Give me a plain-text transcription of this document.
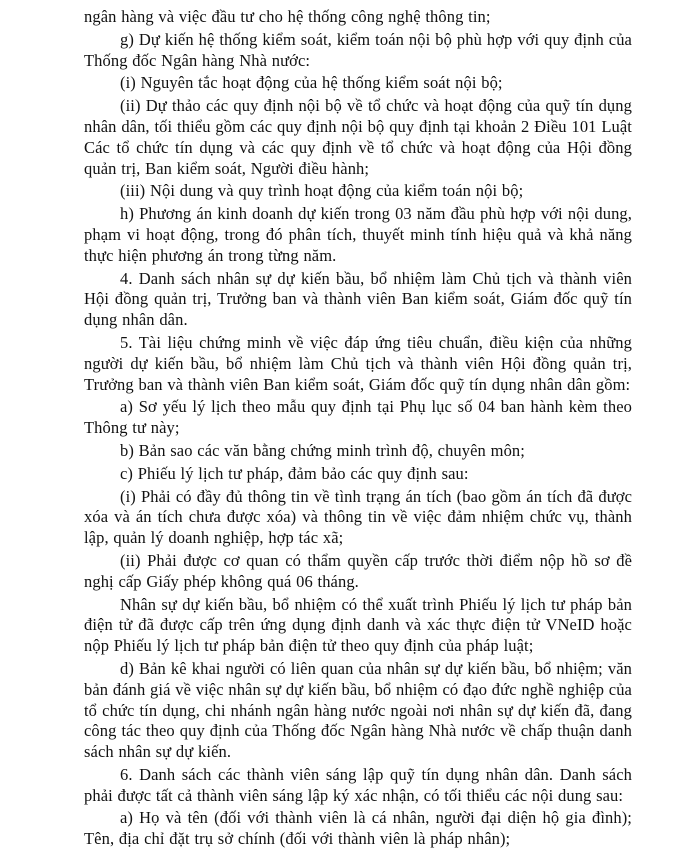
ngân hàng và việc đầu tư cho hệ thống công nghệ thông tin;

g) Dự kiến hệ thống kiểm soát, kiểm toán nội bộ phù hợp với quy định của Thống đốc Ngân hàng Nhà nước:

(i) Nguyên tắc hoạt động của hệ thống kiểm soát nội bộ;

(ii) Dự thảo các quy định nội bộ về tổ chức và hoạt động của quỹ tín dụng nhân dân, tối thiểu gồm các quy định nội bộ quy định tại khoản 2 Điều 101 Luật Các tổ chức tín dụng và các quy định về tổ chức và hoạt động của Hội đồng quản trị, Ban kiểm soát, Người điều hành;

(iii) Nội dung và quy trình hoạt động của kiểm toán nội bộ;

h) Phương án kinh doanh dự kiến trong 03 năm đầu phù hợp với nội dung, phạm vi hoạt động, trong đó phân tích, thuyết minh tính hiệu quả và khả năng thực hiện phương án trong từng năm.

4. Danh sách nhân sự dự kiến bầu, bổ nhiệm làm Chủ tịch và thành viên Hội đồng quản trị, Trưởng ban và thành viên Ban kiểm soát, Giám đốc quỹ tín dụng nhân dân.

5. Tài liệu chứng minh về việc đáp ứng tiêu chuẩn, điều kiện của những người dự kiến bầu, bổ nhiệm làm Chủ tịch và thành viên Hội đồng quản trị, Trưởng ban và thành viên Ban kiểm soát, Giám đốc quỹ tín dụng nhân dân gồm:

a) Sơ yếu lý lịch theo mẫu quy định tại Phụ lục số 04 ban hành kèm theo Thông tư này;

b) Bản sao các văn bằng chứng minh trình độ, chuyên môn;

c) Phiếu lý lịch tư pháp, đảm bảo các quy định sau:

(i) Phải có đầy đủ thông tin về tình trạng án tích (bao gồm án tích đã được xóa và án tích chưa được xóa) và thông tin về việc đảm nhiệm chức vụ, thành lập, quản lý doanh nghiệp, hợp tác xã;

(ii) Phải được cơ quan có thẩm quyền cấp trước thời điểm nộp hồ sơ đề nghị cấp Giấy phép không quá 06 tháng.

Nhân sự dự kiến bầu, bổ nhiệm có thể xuất trình Phiếu lý lịch tư pháp bản điện tử đã được cấp trên ứng dụng định danh và xác thực điện tử VNeID hoặc nộp Phiếu lý lịch tư pháp bản điện tử theo quy định của pháp luật;

d) Bản kê khai người có liên quan của nhân sự dự kiến bầu, bổ nhiệm; văn bản đánh giá về việc nhân sự dự kiến bầu, bổ nhiệm có đạo đức nghề nghiệp của tổ chức tín dụng, chi nhánh ngân hàng nước ngoài nơi nhân sự dự kiến đã, đang công tác theo quy định của Thống đốc Ngân hàng Nhà nước về chấp thuận danh sách nhân sự dự kiến.

6. Danh sách các thành viên sáng lập quỹ tín dụng nhân dân. Danh sách phải được tất cả thành viên sáng lập ký xác nhận, có tối thiểu các nội dung sau:

a) Họ và tên (đối với thành viên là cá nhân, người đại diện hộ gia đình); Tên, địa chỉ đặt trụ sở chính (đối với thành viên là pháp nhân);
